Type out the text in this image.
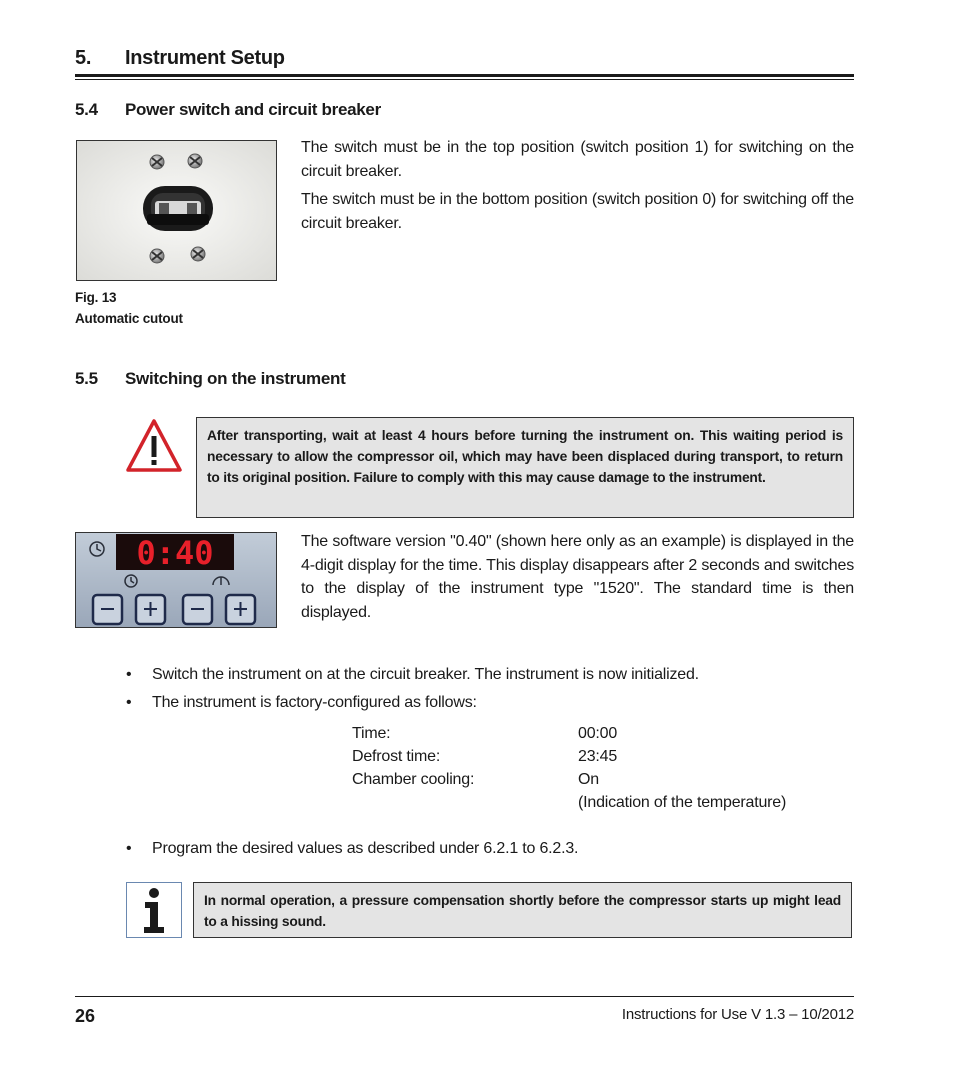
5. Instrument Setup
5.4 Power switch and circuit breaker

The switch must be in the top position (switch position 1) for switching on the circuit breaker.

The switch must be in the bottom position (switch position 0) for switching off the circuit breaker.

Fig. 13
Automatic cutout
5.5 Switching on the instrument
After transporting, wait at least 4 hours before turning the instrument on. This waiting period is necessary to allow the compressor oil, which may have been displaced during transport, to return to its original position. Failure to comply with this may cause damage to the instrument.
0:40	The software version "0.40" (shown here only as an example) is displayed in the 4-digit display for the time. This display disappears after 2 seconds and switches to the display of the instrument type "1520". The standard time is then displayed.

• Switch the instrument on at the circuit breaker. The instrument is now initialized.
• The instrument is factory-configured as follows:
Time:	00:00
Defrost time:	23:45
Chamber cooling:	On
(Indication of the temperature)
• Program the desired values as described under 6.2.1 to 6.2.3.
In normal operation, a pressure compensation shortly before the compressor starts up might lead to a hissing sound.
26	Instructions for Use V 1.3 – 10/2012
